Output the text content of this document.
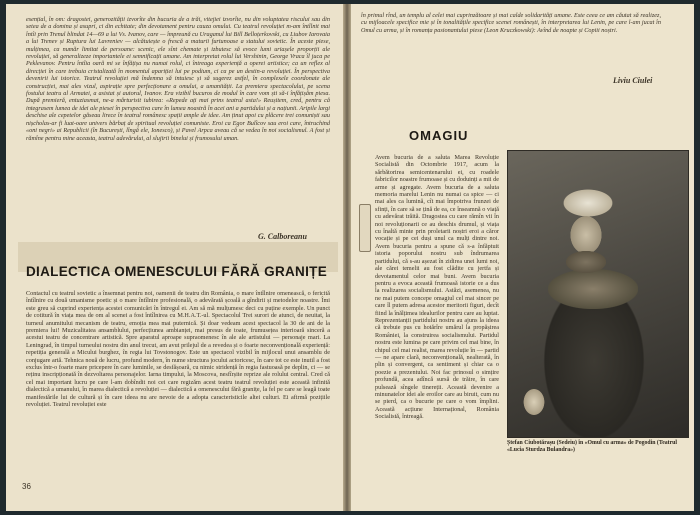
esențial, în om: dragostei, generozității izvorîte din bucuria de a trăi, vitejiei izvorîte, nu din voluptatea riscului sau din setea de a domina și asupri, ci din echitate; din devotament pentru cauza omului. Cu teatrul revoluției m-am întîlnit mai întîi prin Trenul blindat 14—69 a lui Vs. Ivanov, care — împreună cu Uraganul lui Bill Belloțerkovski, cu Liubov Iarovaia a lui Trenev și Ruptura lui Lavreniev — alcătuiește o frescă a maturii furtunoase a statului sovietic. În aceste piese, mulțimea, ca număr limitat de persoane: scenic, ele sînt chemate și izbutesc să evoce lumi uriașele proporții ale revoluției, să generalizeze importantele ei semnificații umane. Am interpretat rolul lui Vershinin, George Vraca îl juca pe Peklevanov. Pentru întîia oară mi se înfățișa nu numai rolul, ci întreaga experiență a operei artistice; ca un reflex al direcției în care trebuia cristalizată în momentul apariției lui pe podium, ci ca pe un destin-a revoluției. În perspectiva devenirii lui istorice. Teatrul revoluției mă îndemna să intuiesc și să sugerez astfel, în complexele coordonate ale construcției, mai ales vizul, aspirație spre perfecționare a omului, a umanității. La premiera spectacolului, pe scena fostului teatru al Armatei, a asistat și autorul, Ivanov. Era vizibil bucuros de modul în care vom ști să-i înfățișăm piesa. După premieră, entuziasmat, ne-a mărturisit iubirea: «Repede ați mai prins teatrul asta!» Reușitem, cred, pentru că integrasem lumea de idei ale piesei în perspectiva care în lumea noastră în acei ani a partidului și a națiunii. Aripile largi deschise ale cepetelor găseau lirece în teatrul românesc spații ample de idee. Am ținut apoi cu plăcere trei comuniști sau nișcholas-ar fi luat-oare univers bărbaț de spiritual revoluției comuniste. Eroi ca Egor Bulîcov sau eroi care, întruchind «oni negri» ai Republicii (în București, lîngă ele, Ionesco), și Pavel Arpca aveau că se vedea în noi socialismul. A fost și rămîne pentru mine aceasta, teatrul adevărului, al slujirii binelui și frumosului uman.

G. Calboreanu
DIALECTICA OMENESCULUI FĂRĂ GRANIȚE

Contactul cu teatrul sovietic a însemnat pentru noi, oamenii de teatru din România, o mare întîlnire omenească, o fericită întîlnire cu două umanisme poetic și o mare întîlnire profesională, o adevărată școală a gîndirii și metodelor noastre. Îmi este greu să cuprind experiența acestei comunicări în întregul ei. Am să mă mulțumesc deci cu puține exemple. Un punct de cotitură în viața mea de om al scenei a fost întîlnirea cu M.H.A.T.-ul. Spectacolul Trei surori de atunci, de neuitat, la turneul anumitului mecanism de teatru, emoția mea mai puternică. Și doar vedeam acest spectacol la 30 de ani de la premiera lui! Muzicalitatea ansamblului, perfecțiunea ambianței, mai presus de toate, frumusețea interioară sinceră a acestui teatru de concentrare artistică. Spre aparatul aproape supraomenesc în ale ale artistului — personaje mari. La Leningrad, în timpul turneului nostru din anul trecut, am avut prilejul de a revedea și o foarte neconvențională experiență: repetiția generală a Micului burghez, în regia lui Tovstonogov. Este un spectacol vizibil în mijlocul unui ansamblu de conjugare artă. Tehnica nouă de lucru, profund modern, în nume structura jocului actoricesc, în care tot ce este inutil a fost exclus într-o foarte mare pricepere în care luminile, se desfășoară, cu nimic stridență în regia fastuoasă pe deplin, ci — se reținu inscripționată în dezvoltarea personajelor. Iarna timpului, la Moscova, nesfîrșite reprize ale rolului central. Cred că cel mai important lucru pe care l-am dobîndit noi cei care regizăm acest teatru teatrul revoluției este această infinită dialectică a umanului, în marea dialectică a revoluției — dialectică a omenescului fără granițe, la fel pe care se leagă toate manifestările lui de cultură și în care ideea nu are nevoie de a adopta caracteristicile altei culturi. Ei afirmă pozițiile revoluției. Teatrul revoluției este

36

în primul rînd, un templu al celei mai cuprinzătoare și mai calde solidarități umane. Este ceea ce am căutat să realizez, cu mijloacele specifice mie și în tonalitățile specifice scenei românești, în interpretarea lui Lenin, pe care l-am jucat în Omul cu arma, și în romanța pasionantului piese (Leon Kruczkowski): Avînd de noapte și Copiii noștri.

Liviu Ciulei
OMAGIU

Avem bucuria de a saluta Marea Revoluție Socialistă din Octombrie 1917, acum la sărbătorirea semicentenarului ei, cu roadele fabricilor noastre frumoase și cu doduinți a mii de arme și agregate. Avem bucuria de a saluta memoria marelui Lenin nu numai ca spice — ci mai ales ca lumină, cît mai împotriva frunzei de sfinți, în care să se țină de ea, ce înseamnă o viață cu adevărat trăită. Dragostea cu care rămîn vii în noi revoluționarii ce au deschis drumul, și viața cu înaltă minte prin proletarii noștri eroi a căror vocație și pe cei duși unul ca mulți dintre noi. Avem bucuria pentru a spune că s-a înfăptuit istoria poporului nostru sub îndrumarea partidului, că s-au așezat în zidirea unei lumi noi, ale cărei temelii au fost clădite cu jertfa și devotamentul celor mai buni. Avem bucuria pentru a evoca această frumoasă istorie ce a dus la realizarea socialismului. Astăzi, asemenea, nu ne mai putem concepe omagiul cel mai sincer pe care îl putem adresa acestor meritorii figuri, decît fiind la înălțimea idealurilor pentru care au luptat. Reprezentanții partidului nostru au ajuns la ideea că trebuie pus cu hotărîre umărul la propășirea României, la construirea socialismului. Partidul nostru este lumina pe care privim cel mai bine, în chipul cel mai realist, marea revoluție în — partid — ne apare clară, neconvențională, nealterată, în plin și convergent, ca sentiment și chiar ca o poezie a prezentului. Noi fac prinosul o simțire profundă, acea adîncă sursă de trăire, în care pulsează sîngele tinereții. Această devenire a minunatelor idei ale eroilor care au biruit, cum nu se pierd, ca o bucurie pe care o vom împlini. Această acțiune Internațional, România Socialistă, întreagă.

Ștefan Ciubotărașu (Sedeiu) în «Omul cu arma» de Pogodin (Teatrul «Lucia Sturdza Bulandra»)
